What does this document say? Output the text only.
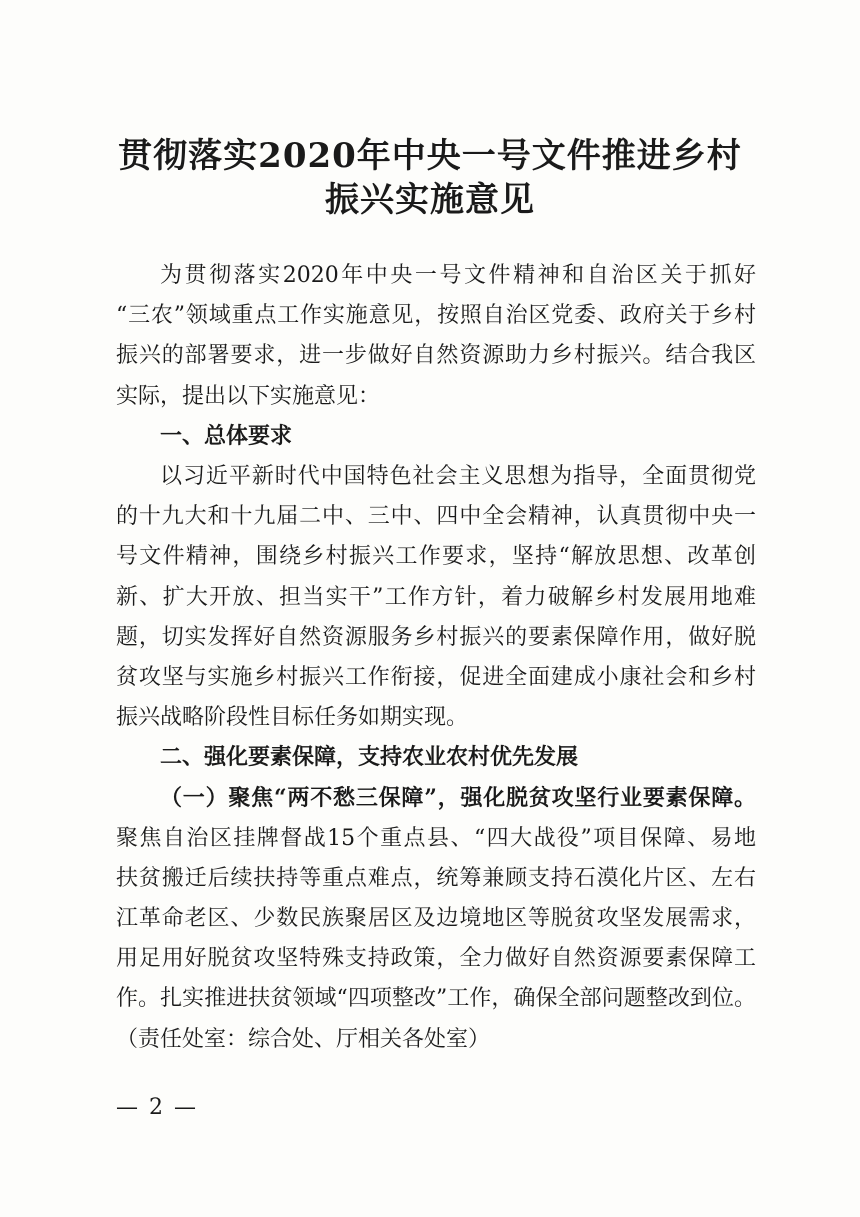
贯彻落实2020年中央一号文件推进乡村
振兴实施意见
为贯彻落实2020年中央一号文件精神和自治区关于抓好
“三农”领域重点工作实施意见，按照自治区党委、政府关于乡村
振兴的部署要求，进一步做好自然资源助力乡村振兴。结合我区
实际，提出以下实施意见：
一、总体要求
以习近平新时代中国特色社会主义思想为指导，全面贯彻党
的十九大和十九届二中、三中、四中全会精神，认真贯彻中央一
号文件精神，围绕乡村振兴工作要求，坚持“解放思想、改革创
新、扩大开放、担当实干”工作方针，着力破解乡村发展用地难
题，切实发挥好自然资源服务乡村振兴的要素保障作用，做好脱
贫攻坚与实施乡村振兴工作衔接，促进全面建成小康社会和乡村
振兴战略阶段性目标任务如期实现。
二、强化要素保障，支持农业农村优先发展
（一）聚焦“两不愁三保障”，强化脱贫攻坚行业要素保障。
聚焦自治区挂牌督战15个重点县、“四大战役”项目保障、易地
扶贫搬迁后续扶持等重点难点，统筹兼顾支持石漠化片区、左右
江革命老区、少数民族聚居区及边境地区等脱贫攻坚发展需求，
用足用好脱贫攻坚特殊支持政策，全力做好自然资源要素保障工
作。扎实推进扶贫领域“四项整改”工作，确保全部问题整改到位。
（责任处室：综合处、厅相关各处室）
— 2 —
